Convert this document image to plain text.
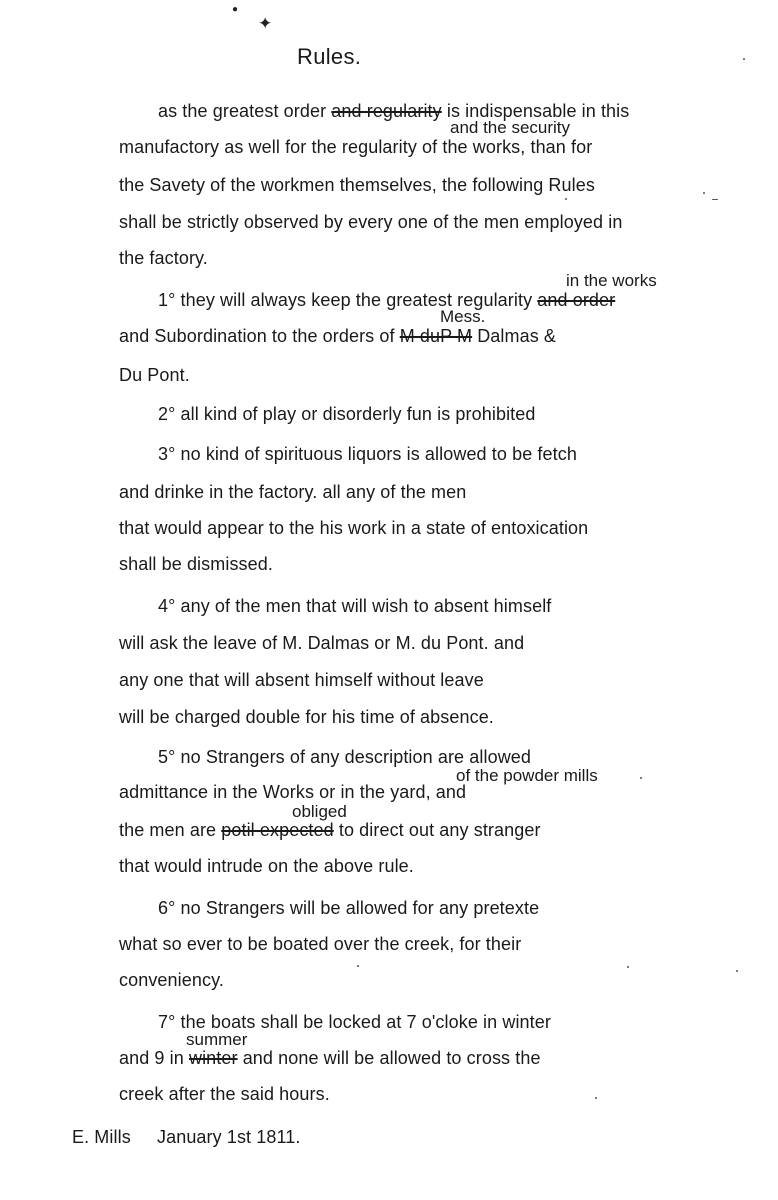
✦
●
Rules.
as the greatest order and regularity is indispensable in this
and the security
manufactory as well for the regularity of the works, than for
the Savety of the workmen themselves, the following Rules
shall be strictly observed by every one of the men employed in
the factory.
in the works
1° they will always keep the greatest regularity and order
Mess.
and Subordination to the orders of M duP M Dalmas &
Du Pont.
2° all kind of play or disorderly fun is prohibited
3° no kind of spirituous liquors is allowed to be fetch
and drinke in the factory. all any of the men
that would appear to the his work in a state of entoxication
shall be dismissed.
4° any of the men that will wish to absent himself
will ask the leave of M. Dalmas or M. du Pont. and
any one that will absent himself without leave
will be charged double for his time of absence.
5° no Strangers of any description are allowed
of the powder mills
admittance in the Works or in the yard, and
obliged
the men are potil expected to direct out any stranger
that would intrude on the above rule.
6° no Strangers will be allowed for any pretexte
what so ever to be boated over the creek, for their
conveniency.
7° the boats shall be locked at 7 o'cloke in winter
summer
and 9 in winter and none will be allowed to cross the
creek after the said hours.
E. Mills January 1st 1811.
